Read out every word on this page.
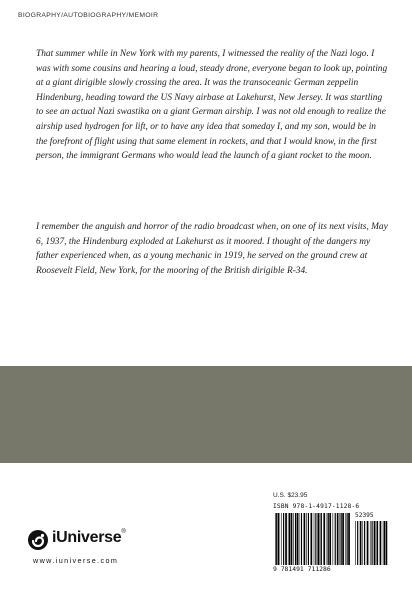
BIOGRAPHY/AUTOBIOGRAPHY/MEMOIR

That summer while in New York with my parents, I witnessed the reality of the Nazi logo. I was with some cousins and hearing a loud, steady drone, everyone began to look up, pointing at a giant dirigible slowly crossing the area. It was the transoceanic German zeppelin Hindenburg, heading toward the US Navy airbase at Lakehurst, New Jersey. It was startling to see an actual Nazi swastika on a giant German airship. I was not old enough to realize the airship used hydrogen for lift, or to have any idea that someday I, and my son, would be in the forefront of flight using that same element in rockets, and that I would know, in the first person, the immigrant Germans who would lead the launch of a giant rocket to the moon.

I remember the anguish and horror of the radio broadcast when, on one of its next visits, May 6, 1937, the Hindenburg exploded at Lakehurst as it moored. I thought of the dangers my father experienced when, as a young mechanic in 1919, he served on the ground crew at Roosevelt Field, New York, for the mooring of the British dirigible R-34.

U.S. $23.95
ISBN 978-1-4917-1128-6
52395
9 781491 711286
iUniverse®
www.iuniverse.com
